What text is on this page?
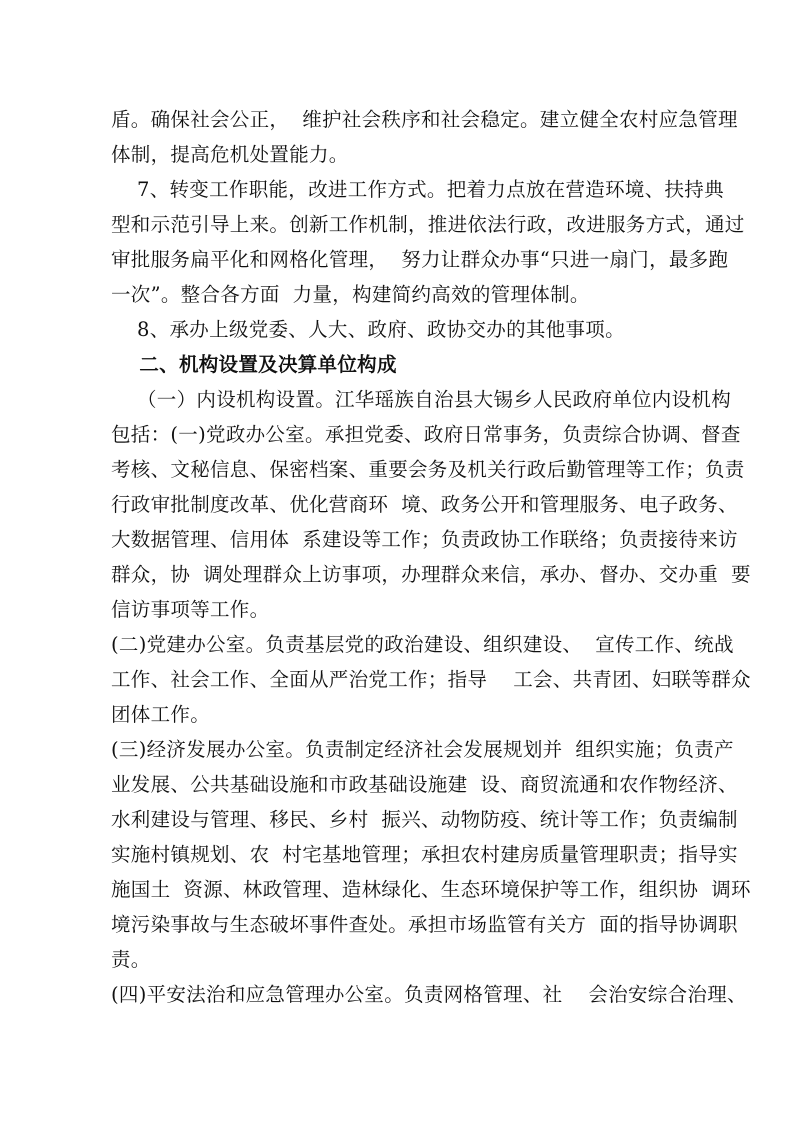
盾。确保社会公正，  维护社会秩序和社会稳定。建立健全农村应急管理
体制，提高危机处置能力。
7、转变工作职能，改进工作方式。把着力点放在营造环境、扶持典
型和示范引导上来。创新工作机制，推进依法行政，改进服务方式，通过
审批服务扁平化和网格化管理，  努力让群众办事“只进一扇门，最多跑
一次”。整合各方面  力量，构建简约高效的管理体制。
8、承办上级党委、人大、政府、政协交办的其他事项。
二、机构设置及决算单位构成
（一）内设机构设置。江华瑶族自治县大锡乡人民政府单位内设机构
包括：(一)党政办公室。承担党委、政府日常事务，负责综合协调、督查
考核、文秘信息、保密档案、重要会务及机关行政后勤管理等工作；负责
行政审批制度改革、优化营商环  境、政务公开和管理服务、电子政务、
大数据管理、信用体  系建设等工作；负责政协工作联络；负责接待来访
群众，协  调处理群众上访事项，办理群众来信，承办、督办、交办重  要
信访事项等工作。
(二)党建办公室。负责基层党的政治建设、组织建设、  宣传工作、统战
工作、社会工作、全面从严治党工作；指导    工会、共青团、妇联等群众
团体工作。
(三)经济发展办公室。负责制定经济社会发展规划并  组织实施；负责产
业发展、公共基础设施和市政基础设施建  设、商贸流通和农作物经济、
水利建设与管理、移民、乡村  振兴、动物防疫、统计等工作；负责编制
实施村镇规划、农  村宅基地管理；承担农村建房质量管理职责；指导实
施国土  资源、林政管理、造林绿化、生态环境保护等工作，组织协  调环
境污染事故与生态破坏事件查处。承担市场监管有关方  面的指导协调职
责。
(四)平安法治和应急管理办公室。负责网格管理、社    会治安综合治理、
